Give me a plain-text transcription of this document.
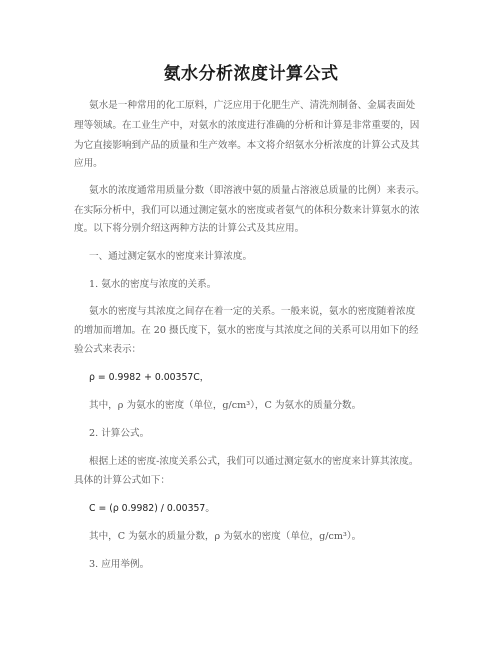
氨水分析浓度计算公式
氨水是一种常用的化工原料，广泛应用于化肥生产、清洗剂制备、金属表面处
理等领域。在工业生产中，对氨水的浓度进行准确的分析和计算是非常重要的，因
为它直接影响到产品的质量和生产效率。本文将介绍氨水分析浓度的计算公式及其
应用。
氨水的浓度通常用质量分数（即溶液中氨的质量占溶液总质量的比例）来表示。
在实际分析中，我们可以通过测定氨水的密度或者氨气的体积分数来计算氨水的浓
度。以下将分别介绍这两种方法的计算公式及其应用。
一、通过测定氨水的密度来计算浓度。
1. 氨水的密度与浓度的关系。
氨水的密度与其浓度之间存在着一定的关系。一般来说，氨水的密度随着浓度
的增加而增加。在 20 摄氏度下，氨水的密度与其浓度之间的关系可以用如下的经
验公式来表示：
ρ = 0.9982 + 0.00357C，
其中，ρ 为氨水的密度（单位，g/cm³），C 为氨水的质量分数。
2. 计算公式。
根据上述的密度-浓度关系公式，我们可以通过测定氨水的密度来计算其浓度。
具体的计算公式如下：
C = (ρ 0.9982) / 0.00357。
其中，C 为氨水的质量分数，ρ 为氨水的密度（单位，g/cm³）。
3. 应用举例。
